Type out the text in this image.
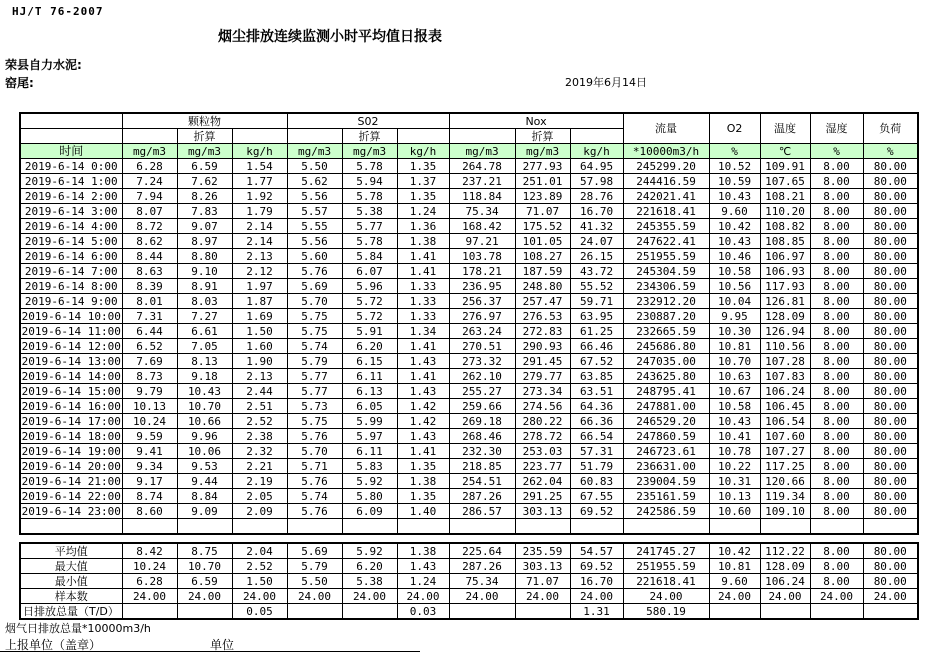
HJ/T 76-2007
烟尘排放连续监测小时平均值日报表
荣县自力水泥:
窑尾:	2019年6月14日
	颗粒物			S02			Nox			流量	O2	温度	湿度	负荷
		折算			折算			折算						
时间	mg/m3	mg/m3	kg/h	mg/m3	mg/m3	kg/h	mg/m3	mg/m3	kg/h	*10000m3/h	%	℃	%	%
2019-6-14 0:00	6.28	6.59	1.54	5.50	5.78	1.35	264.78	277.93	64.95	245299.20	10.52	109.91	8.00	80.00
2019-6-14 1:00	7.24	7.62	1.77	5.62	5.94	1.37	237.21	251.01	57.98	244416.59	10.59	107.65	8.00	80.00
2019-6-14 2:00	7.94	8.26	1.92	5.56	5.78	1.35	118.84	123.89	28.76	242021.41	10.43	108.21	8.00	80.00
2019-6-14 3:00	8.07	7.83	1.79	5.57	5.38	1.24	75.34	71.07	16.70	221618.41	9.60	110.20	8.00	80.00
2019-6-14 4:00	8.72	9.07	2.14	5.55	5.77	1.36	168.42	175.52	41.32	245355.59	10.42	108.82	8.00	80.00
2019-6-14 5:00	8.62	8.97	2.14	5.56	5.78	1.38	97.21	101.05	24.07	247622.41	10.43	108.85	8.00	80.00
2019-6-14 6:00	8.44	8.80	2.13	5.60	5.84	1.41	103.78	108.27	26.15	251955.59	10.46	106.97	8.00	80.00
2019-6-14 7:00	8.63	9.10	2.12	5.76	6.07	1.41	178.21	187.59	43.72	245304.59	10.58	106.93	8.00	80.00
2019-6-14 8:00	8.39	8.91	1.97	5.69	5.96	1.33	236.95	248.80	55.52	234306.59	10.56	117.93	8.00	80.00
2019-6-14 9:00	8.01	8.03	1.87	5.70	5.72	1.33	256.37	257.47	59.71	232912.20	10.04	126.81	8.00	80.00
2019-6-14 10:00	7.31	7.27	1.69	5.75	5.72	1.33	276.97	276.53	63.95	230887.20	9.95	128.09	8.00	80.00
2019-6-14 11:00	6.44	6.61	1.50	5.75	5.91	1.34	263.24	272.83	61.25	232665.59	10.30	126.94	8.00	80.00
2019-6-14 12:00	6.52	7.05	1.60	5.74	6.20	1.41	270.51	290.93	66.46	245686.80	10.81	110.56	8.00	80.00
2019-6-14 13:00	7.69	8.13	1.90	5.79	6.15	1.43	273.32	291.45	67.52	247035.00	10.70	107.28	8.00	80.00
2019-6-14 14:00	8.73	9.18	2.13	5.77	6.11	1.41	262.10	279.77	63.85	243625.80	10.63	107.83	8.00	80.00
2019-6-14 15:00	9.79	10.43	2.44	5.77	6.13	1.43	255.27	273.34	63.51	248795.41	10.67	106.24	8.00	80.00
2019-6-14 16:00	10.13	10.70	2.51	5.73	6.05	1.42	259.66	274.56	64.36	247881.00	10.58	106.45	8.00	80.00
2019-6-14 17:00	10.24	10.66	2.52	5.75	5.99	1.42	269.18	280.22	66.36	246529.20	10.43	106.54	8.00	80.00
2019-6-14 18:00	9.59	9.96	2.38	5.76	5.97	1.43	268.46	278.72	66.54	247860.59	10.41	107.60	8.00	80.00
2019-6-14 19:00	9.41	10.06	2.32	5.70	6.11	1.41	232.30	253.03	57.31	246723.61	10.78	107.27	8.00	80.00
2019-6-14 20:00	9.34	9.53	2.21	5.71	5.83	1.35	218.85	223.77	51.79	236631.00	10.22	117.25	8.00	80.00
2019-6-14 21:00	9.17	9.44	2.19	5.76	5.92	1.38	254.51	262.04	60.83	239004.59	10.31	120.66	8.00	80.00
2019-6-14 22:00	8.74	8.84	2.05	5.74	5.80	1.35	287.26	291.25	67.55	235161.59	10.13	119.34	8.00	80.00
2019-6-14 23:00	8.60	9.09	2.09	5.76	6.09	1.40	286.57	303.13	69.52	242586.59	10.60	109.10	8.00	80.00

平均值	8.42	8.75	2.04	5.69	5.92	1.38	225.64	235.59	54.57	241745.27	10.42	112.22	8.00	80.00
最大值	10.24	10.70	2.52	5.79	6.20	1.43	287.26	303.13	69.52	251955.59	10.81	128.09	8.00	80.00
最小值	6.28	6.59	1.50	5.50	5.38	1.24	75.34	71.07	16.70	221618.41	9.60	106.24	8.00	80.00
样本数	24.00	24.00	24.00	24.00	24.00	24.00	24.00	24.00	24.00	24.00	24.00	24.00	24.00	24.00
日排放总量（T/D）			0.05			0.03			1.31	580.19				
烟气日排放总量*10000m3/h
上报单位（盖章）	单位
